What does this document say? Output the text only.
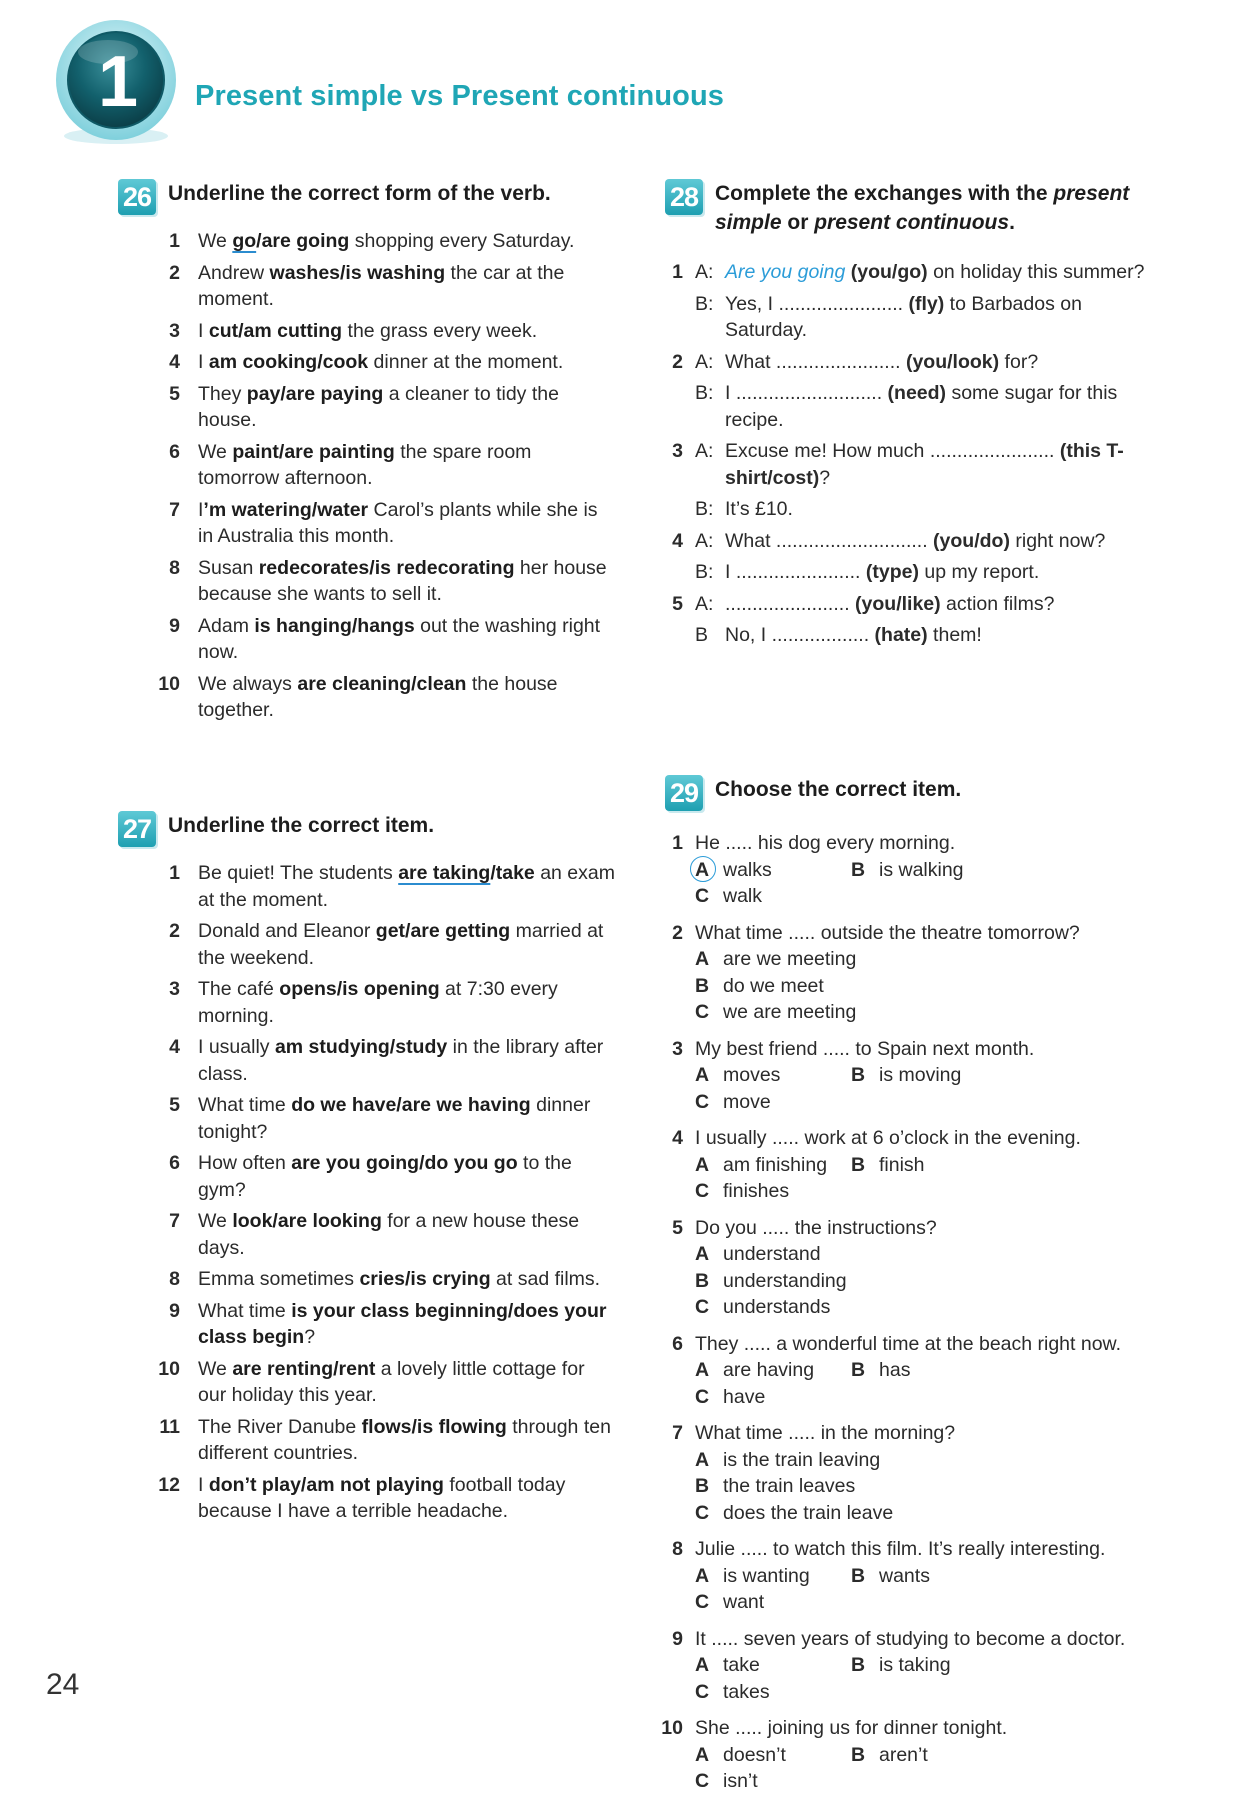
1 Present simple vs Present continuous
26 Underline the correct form of the verb.
1 We go/are going shopping every Saturday.
2 Andrew washes/is washing the car at the moment.
3 I cut/am cutting the grass every week.
4 I am cooking/cook dinner at the moment.
5 They pay/are paying a cleaner to tidy the house.
6 We paint/are painting the spare room tomorrow afternoon.
7 I’m watering/water Carol’s plants while she is in Australia this month.
8 Susan redecorates/is redecorating her house because she wants to sell it.
9 Adam is hanging/hangs out the washing right now.
10 We always are cleaning/clean the house together.
27 Underline the correct item.
1 Be quiet! The students are taking/take an exam at the moment.
2 Donald and Eleanor get/are getting married at the weekend.
3 The café opens/is opening at 7:30 every morning.
4 I usually am studying/study in the library after class.
5 What time do we have/are we having dinner tonight?
6 How often are you going/do you go to the gym?
7 We look/are looking for a new house these days.
8 Emma sometimes cries/is crying at sad films.
9 What time is your class beginning/does your class begin?
10 We are renting/rent a lovely little cottage for our holiday this year.
11 The River Danube flows/is flowing through ten different countries.
12 I don’t play/am not playing football today because I have a terrible headache.
28 Complete the exchanges with the present simple or present continuous.
1 A: Are you going (you/go) on holiday this summer?
B: Yes, I ....................... (fly) to Barbados on Saturday.
2 A: What ....................... (you/look) for?
B: I ........................... (need) some sugar for this recipe.
3 A: Excuse me! How much ....................... (this T-shirt/cost)?
B: It’s £10.
4 A: What ............................ (you/do) right now?
B: I ....................... (type) up my report.
5 A: ....................... (you/like) action films?
B No, I .................. (hate) them!
29 Choose the correct item.
1 He ..... his dog every morning.
A walks	B is walking
C walk
2 What time ..... outside the theatre tomorrow?
A are we meeting
B do we meet
C we are meeting
3 My best friend ..... to Spain next month.
A moves	B is moving
C move
4 I usually ..... work at 6 o’clock in the evening.
A am finishing B finish
C finishes
5 Do you ..... the instructions?
A understand
B understanding
C understands
6 They ..... a wonderful time at the beach right now.
A are having B has
C have
7 What time ..... in the morning?
A is the train leaving
B the train leaves
C does the train leave
8 Julie ..... to watch this film. It’s really interesting.
A is wanting B wants
C want
9 It ..... seven years of studying to become a doctor.
A take	B is taking
C takes
10 She ..... joining us for dinner tonight.
A doesn’t	B aren’t
C isn’t
24
